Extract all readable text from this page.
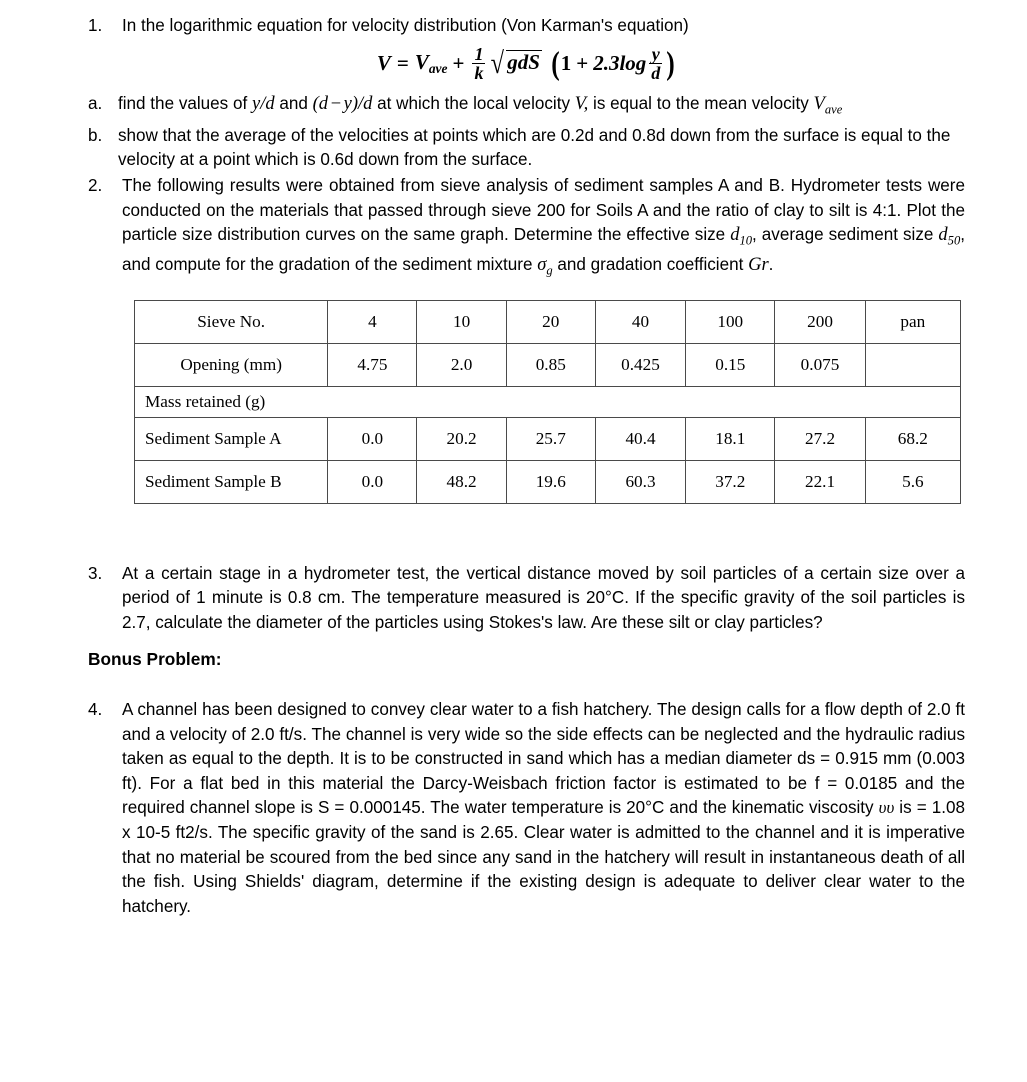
1.	In the logarithmic equation for velocity distribution (Von Karman's equation)

V = Vave + $\frac{1}{k}$ √ gdS ( $1 + 2.3\log \frac{y}{d}$ )
a. find the values of y/d and (d − y)/d at which the local velocity V, is equal to the mean velocity $V_{ave}$
b. show that the average of the velocities at points which are 0.2d and 0.8d down from the surface is equal to the velocity at a point which is 0.6d down from the surface.
2.	The following results were obtained from sieve analysis of sediment samples A and B. Hydrometer tests were conducted on the materials that passed through sieve 200 for Soils A and the ratio of clay to silt is 4:1. Plot the particle size distribution curves on the same graph. Determine the effective size $d_{10}$, average sediment size $d_{50}$, and compute for the gradation of the sediment mixture $\sigma_g$ and gradation coefficient Gr.

Sieve No.	4	10	20	40	100	200	pan
Opening (mm)	4.75	2.0	0.85	0.425	0.15	0.075	
Mass retained (g)							
Sediment Sample A	0.0	20.2	25.7	40.4	18.1	27.2	68.2
Sediment Sample B	0.0	48.2	19.6	60.3	37.2	22.1	5.6
3.	At a certain stage in a hydrometer test, the vertical distance moved by soil particles of a certain size over a period of 1 minute is 0.8 cm. The temperature measured is 20°C. If the specific gravity of the soil particles is 2.7, calculate the diameter of the particles using Stokes's law. Are these silt or clay particles?

Bonus Problem:
4.	A channel has been designed to convey clear water to a fish hatchery. The design calls for a flow depth of 2.0 ft and a velocity of 2.0 ft/s. The channel is very wide so the side effects can be neglected and the hydraulic radius taken as equal to the depth. It is to be constructed in sand which has a median diameter ds = 0.915 mm (0.003 ft). For a flat bed in this material the Darcy-Weisbach friction factor is estimated to be f = 0.0185 and the required channel slope is S = 0.000145. The water temperature is 20°C and the kinematic viscosity υυ is = 1.08 x 10-5 ft2/s. The specific gravity of the sand is 2.65. Clear water is admitted to the channel and it is imperative that no material be scoured from the bed since any sand in the hatchery will result in instantaneous death of all the fish. Using Shields' diagram, determine if the existing design is adequate to deliver clear water to the hatchery.
